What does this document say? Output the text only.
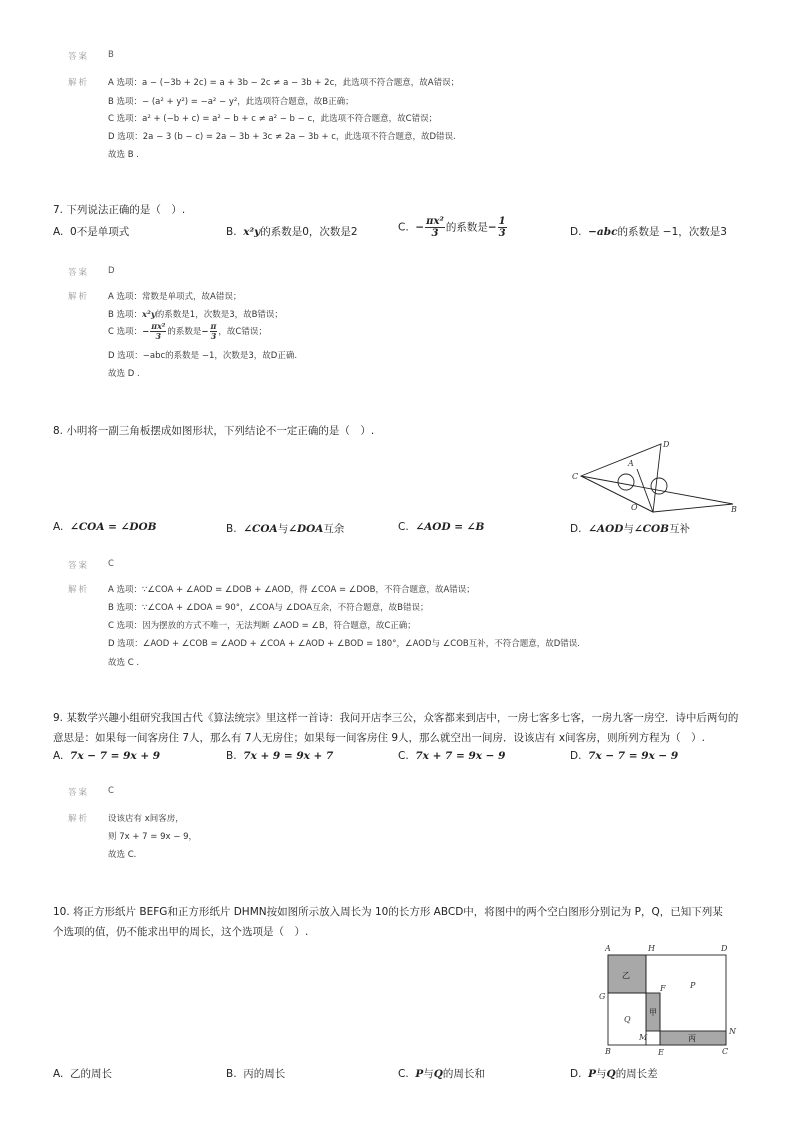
答案 B
解析 A 选项：a − (−3b + 2c) = a + 3b − 2c ≠ a − 3b + 2c，此选项不符合题意，故A错误；
B 选项：− (a² + y²) = −a² − y²，此选项符合题意，故B正确；
C 选项：a² + (−b + c) = a² − b + c ≠ a² − b − c，此选项不符合题意，故C错误；
D 选项：2a − 3 (b − c) = 2a − 3b + 3c ≠ 2a − 3b + c，此选项不符合题意，故D错误.
故选 B .
7. 下列说法正确的是（　）.
A. 0不是单项式	B. x²y的系数是0，次数是2	C. − $\frac{\text{πx²}}{3}$ 的系数是− $\frac{1}{3}$	D. −abc的系数是 −1，次数是3
答案 D
解析 A 选项：常数是单项式，故A错误；
B 选项：x²y的系数是1，次数是3，故B错误；
C 选项：− $\frac{\text{πx²}}{3}$ 的系数是− $\frac{\pi}{3}$ ，故C错误；
D 选项：−abc的系数是 −1，次数是3，故D正确.
故选 D .
8. 小明将一副三角板摆成如图形状，下列结论不一定正确的是（　）.
C
D
A
O	B
A. ∠COA = ∠DOB	B. ∠COA与∠DOA互余	C. ∠AOD = ∠B	D. ∠AOD与∠COB互补
答案 C
解析 A 选项：∵∠COA + ∠AOD = ∠DOB + ∠AOD，得 ∠COA = ∠DOB，不符合题意，故A错误；
B 选项：∵∠COA + ∠DOA = 90°，∠COA与 ∠DOA互余，不符合题意，故B错误；
C 选项：因为摆放的方式不唯一，无法判断 ∠AOD = ∠B，符合题意，故C正确；
D 选项：∠AOD + ∠COB = ∠AOD + ∠COA + ∠AOD + ∠BOD = 180°，∠AOD与 ∠COB互补，不符合题意，故D错误.
故选 C .
9. 某数学兴趣小组研究我国古代《算法统宗》里这样一首诗：我问开店李三公，众客都来到店中，一房七客多七客，一房九客一房空．诗中后两句的
意思是：如果每一间客房住 7人，那么有 7人无房住；如果每一间客房住 9人，那么就空出一间房．设该店有 x间客房，则所列方程为（　）.
A. 7x − 7 = 9x + 9	B. 7x + 9 = 9x + 7	C. 7x + 7 = 9x − 9	D. 7x − 7 = 9x − 9
答案 C
解析 设该店有 x间客房，
则 7x + 7 = 9x − 9，
故选 C.
10. 将正方形纸片 BEFG和正方形纸片 DHMN按如图所示放入周长为 10的长方形 ABCD中，将图中的两个空白图形分别记为 P，Q，已知下列某
个选项的值，仍不能求出甲的周长，这个选项是（　）.
A	H	D
G
F	P
Q
M
N
B	E	C
乙
甲
丙
A. 乙的周长	B. 丙的周长	C. P与Q的周长和	D. P与Q的周长差
